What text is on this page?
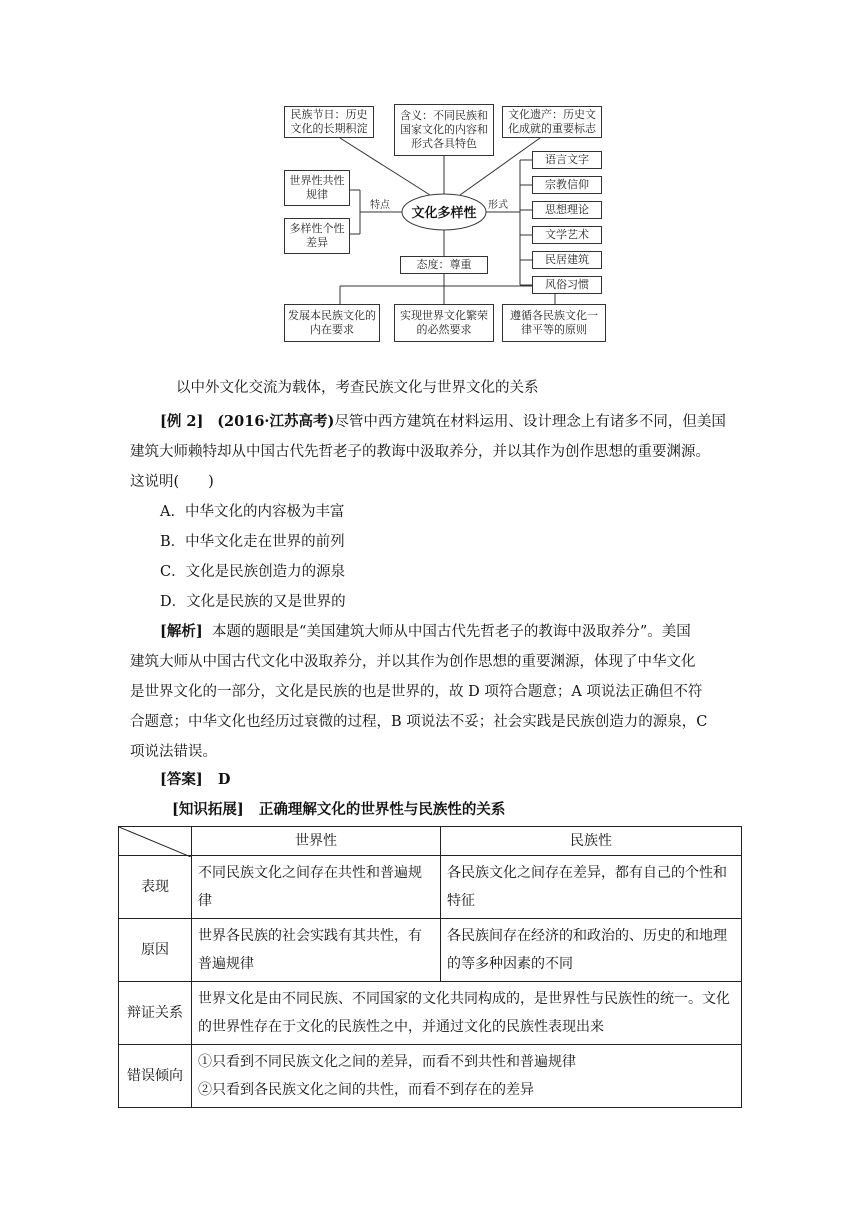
民族节日：历史文化的长期积淀
含义：不同民族和国家文化的内容和形式各具特色
文化遗产：历史文化成就的重要标志
世界性共性规律
多样性个性差异
特点	形式
文化多样性
语言文字
宗教信仰
思想理论
文学艺术
民居建筑
风俗习惯
态度：尊重
发展本民族文化的内在要求
实现世界文化繁荣的必然要求
遵循各民族文化一律平等的原则
以中外文化交流为载体，考查民族文化与世界文化的关系
[例 2] (2016·江苏高考)尽管中西方建筑在材料运用、设计理念上有诸多不同，但美国
建筑大师赖特却从中国古代先哲老子的教诲中汲取养分，并以其作为创作思想的重要渊源。
这说明(　　)
A．中华文化的内容极为丰富
B．中华文化走在世界的前列
C．文化是民族创造力的源泉
D．文化是民族的又是世界的
[解析] 本题的题眼是“美国建筑大师从中国古代先哲老子的教诲中汲取养分”。美国
建筑大师从中国古代文化中汲取养分，并以其作为创作思想的重要渊源，体现了中华文化
是世界文化的一部分，文化是民族的也是世界的，故 D 项符合题意；A 项说法正确但不符
合题意；中华文化也经历过衰微的过程，B 项说法不妥；社会实践是民族创造力的源泉，C
项说法错误。
[答案] D
[知识拓展] 正确理解文化的世界性与民族性的关系
	世界性	民族性
表现	不同民族文化之间存在共性和普遍规律	各民族文化之间存在差异，都有自己的个性和特征
原因	世界各民族的社会实践有其共性，有普遍规律	各民族间存在经济的和政治的、历史的和地理的等多种因素的不同
辩证关系	世界文化是由不同民族、不同国家的文化共同构成的，是世界性与民族性的统一。文化的世界性存在于文化的民族性之中，并通过文化的民族性表现出来	
错误倾向	①只看到不同民族文化之间的差异，而看不到共性和普遍规律
②只看到各民族文化之间的共性，而看不到存在的差异	
